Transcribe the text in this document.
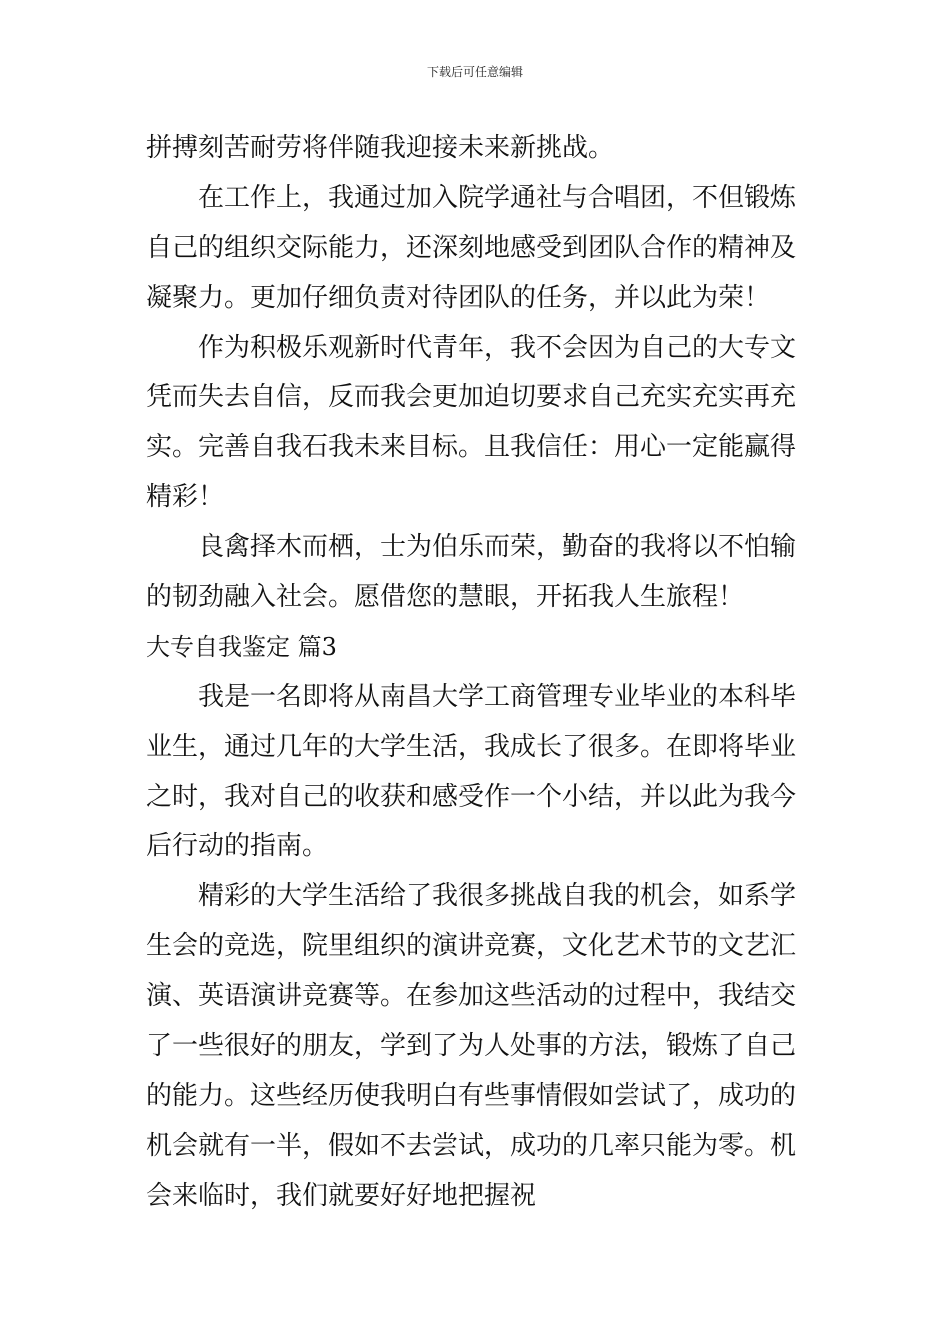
下载后可任意编辑
拼搏刻苦耐劳将伴随我迎接未来新挑战。
在工作上，我通过加入院学通社与合唱团，不但锻炼
自己的组织交际能力，还深刻地感受到团队合作的精神及
凝聚力。更加仔细负责对待团队的任务，并以此为荣！
作为积极乐观新时代青年，我不会因为自己的大专文
凭而失去自信，反而我会更加迫切要求自己充实充实再充
实。完善自我石我未来目标。且我信任：用心一定能赢得
精彩！
良禽择木而栖，士为伯乐而荣，勤奋的我将以不怕输
的韧劲融入社会。愿借您的慧眼，开拓我人生旅程！
大专自我鉴定 篇3
我是一名即将从南昌大学工商管理专业毕业的本科毕
业生，通过几年的大学生活，我成长了很多。在即将毕业
之时，我对自己的收获和感受作一个小结，并以此为我今
后行动的指南。
精彩的大学生活给了我很多挑战自我的机会，如系学
生会的竞选，院里组织的演讲竞赛，文化艺术节的文艺汇
演、英语演讲竞赛等。在参加这些活动的过程中，我结交
了一些很好的朋友，学到了为人处事的方法，锻炼了自己
的能力。这些经历使我明白有些事情假如尝试了，成功的
机会就有一半，假如不去尝试，成功的几率只能为零。机
会来临时，我们就要好好地把握祝
